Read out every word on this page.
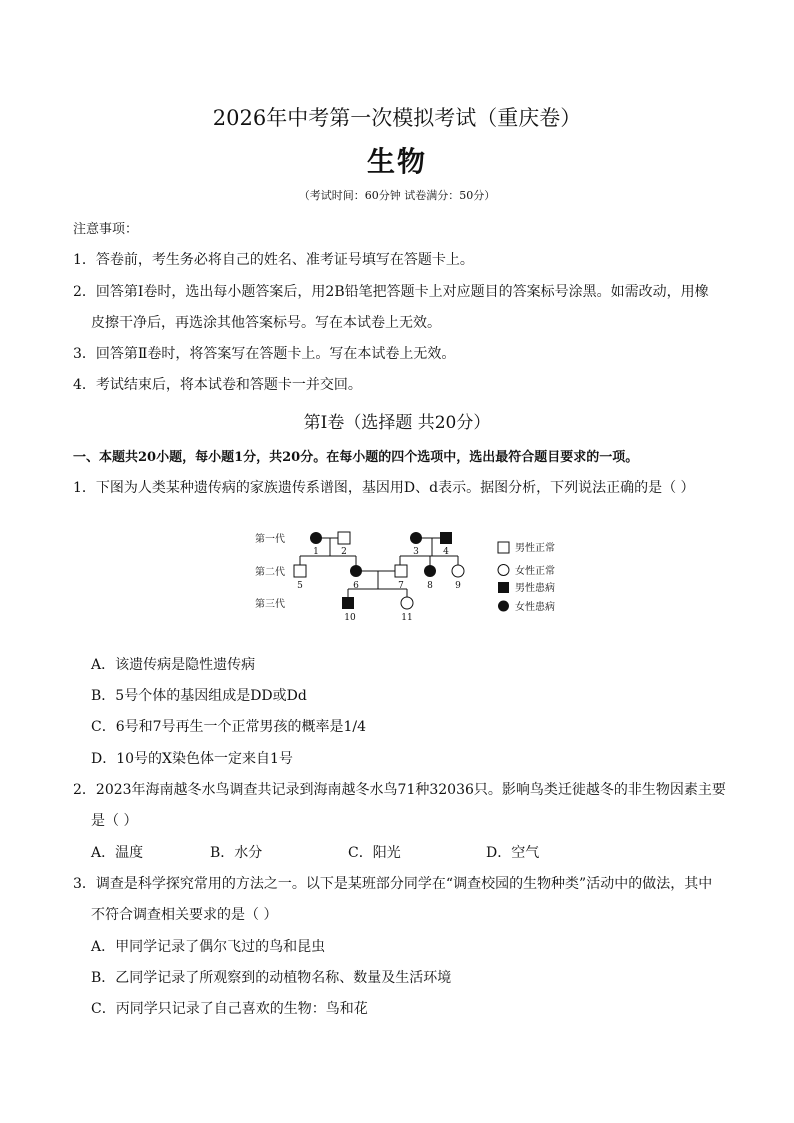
2026年中考第一次模拟考试（重庆卷）
生物
（考试时间：60分钟 试卷满分：50分）
注意事项：
1．答卷前，考生务必将自己的姓名、准考证号填写在答题卡上。
2．回答第Ⅰ卷时，选出每小题答案后，用2B铅笔把答题卡上对应题目的答案标号涂黑。如需改动，用橡
皮擦干净后，再选涂其他答案标号。写在本试卷上无效。
3．回答第Ⅱ卷时，将答案写在答题卡上。写在本试卷上无效。
4．考试结束后，将本试卷和答题卡一并交回。
第Ⅰ卷（选择题 共20分）
一、本题共20小题，每小题1分，共20分。在每小题的四个选项中，选出最符合题目要求的一项。
1．下图为人类某种遗传病的家族遗传系谱图，基因用D、d表示。据图分析，下列说法正确的是（ ）
第一代
第二代
第三代
1 2	3	4
5	6	7	8 9
10	11
男性正常
女性正常
男性患病
女性患病
A．该遗传病是隐性遗传病
B．5号个体的基因组成是DD或Dd
C．6号和7号再生一个正常男孩的概率是1/4
D．10号的X染色体一定来自1号
2．2023年海南越冬水鸟调查共记录到海南越冬水鸟71种32036只。影响鸟类迁徙越冬的非生物因素主要
是（ ）
A．温度	B．水分	C．阳光	D．空气
3．调查是科学探究常用的方法之一。以下是某班部分同学在“调查校园的生物种类”活动中的做法，其中
不符合调查相关要求的是（ ）
A．甲同学记录了偶尔飞过的鸟和昆虫
B．乙同学记录了所观察到的动植物名称、数量及生活环境
C．丙同学只记录了自己喜欢的生物：鸟和花
